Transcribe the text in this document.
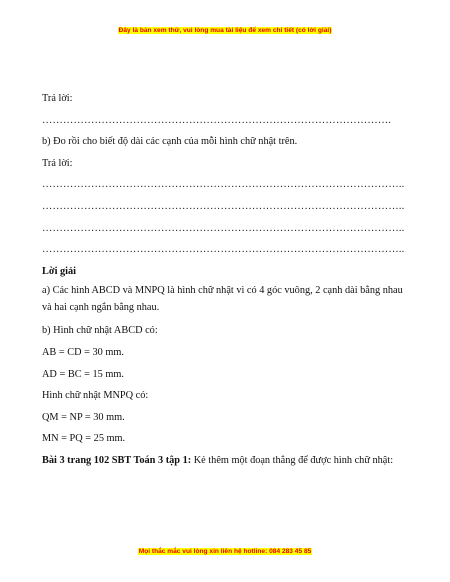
Đây là bản xem thử, vui lòng mua tài liệu để xem chi tiết (có lời giải)

Trả lời:

……………………………………………………………………………………….

b) Đo rồi cho biết độ dài các cạnh của mỗi hình chữ nhật trên.

Trả lời:

…………………………………………………………………………………………..

…………………………………………………………………………………………..

…………………………………………………………………………………………..

…………………………………………………………………………………………..

Lời giải

a) Các hình ABCD và MNPQ là hình chữ nhật vì có 4 góc vuông, 2 cạnh dài bằng nhau và hai cạnh ngắn bằng nhau.

b) Hình chữ nhật ABCD có:

AB = CD = 30 mm.

AD = BC = 15 mm.

Hình chữ nhật MNPQ có:

QM = NP = 30 mm.

MN = PQ = 25 mm.

Bài 3 trang 102 SBT Toán 3 tập 1: Kẻ thêm một đoạn thẳng để được hình chữ nhật:

Mọi thắc mắc vui lòng xin liên hệ hotline: 084 283 45 85
